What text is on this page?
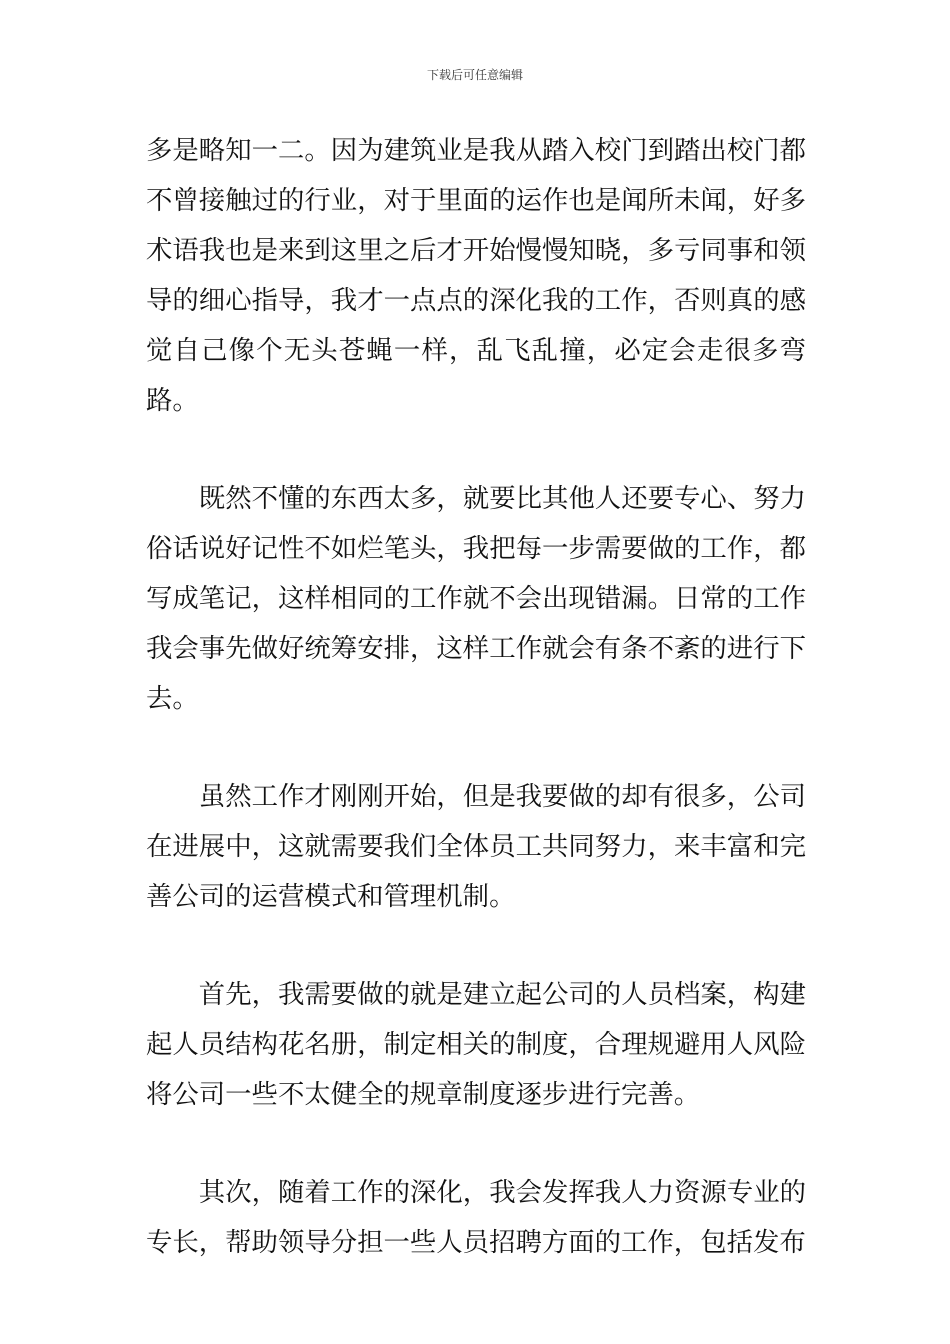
下载后可任意编辑

多是略知一二。因为建筑业是我从踏入校门到踏出校门都不曾接触过的行业，对于里面的运作也是闻所未闻，好多术语我也是来到这里之后才开始慢慢知晓，多亏同事和领导的细心指导，我才一点点的深化我的工作，否则真的感觉自己像个无头苍蝇一样，乱飞乱撞，必定会走很多弯路。

既然不懂的东西太多，就要比其他人还要专心、努力俗话说好记性不如烂笔头，我把每一步需要做的工作，都写成笔记，这样相同的工作就不会出现错漏。日常的工作我会事先做好统筹安排，这样工作就会有条不紊的进行下去。

虽然工作才刚刚开始，但是我要做的却有很多，公司在进展中，这就需要我们全体员工共同努力，来丰富和完善公司的运营模式和管理机制。

首先，我需要做的就是建立起公司的人员档案，构建起人员结构花名册，制定相关的制度，合理规避用人风险将公司一些不太健全的规章制度逐步进行完善。

其次，随着工作的深化，我会发挥我人力资源专业的专长，帮助领导分担一些人员招聘方面的工作，包括发布
